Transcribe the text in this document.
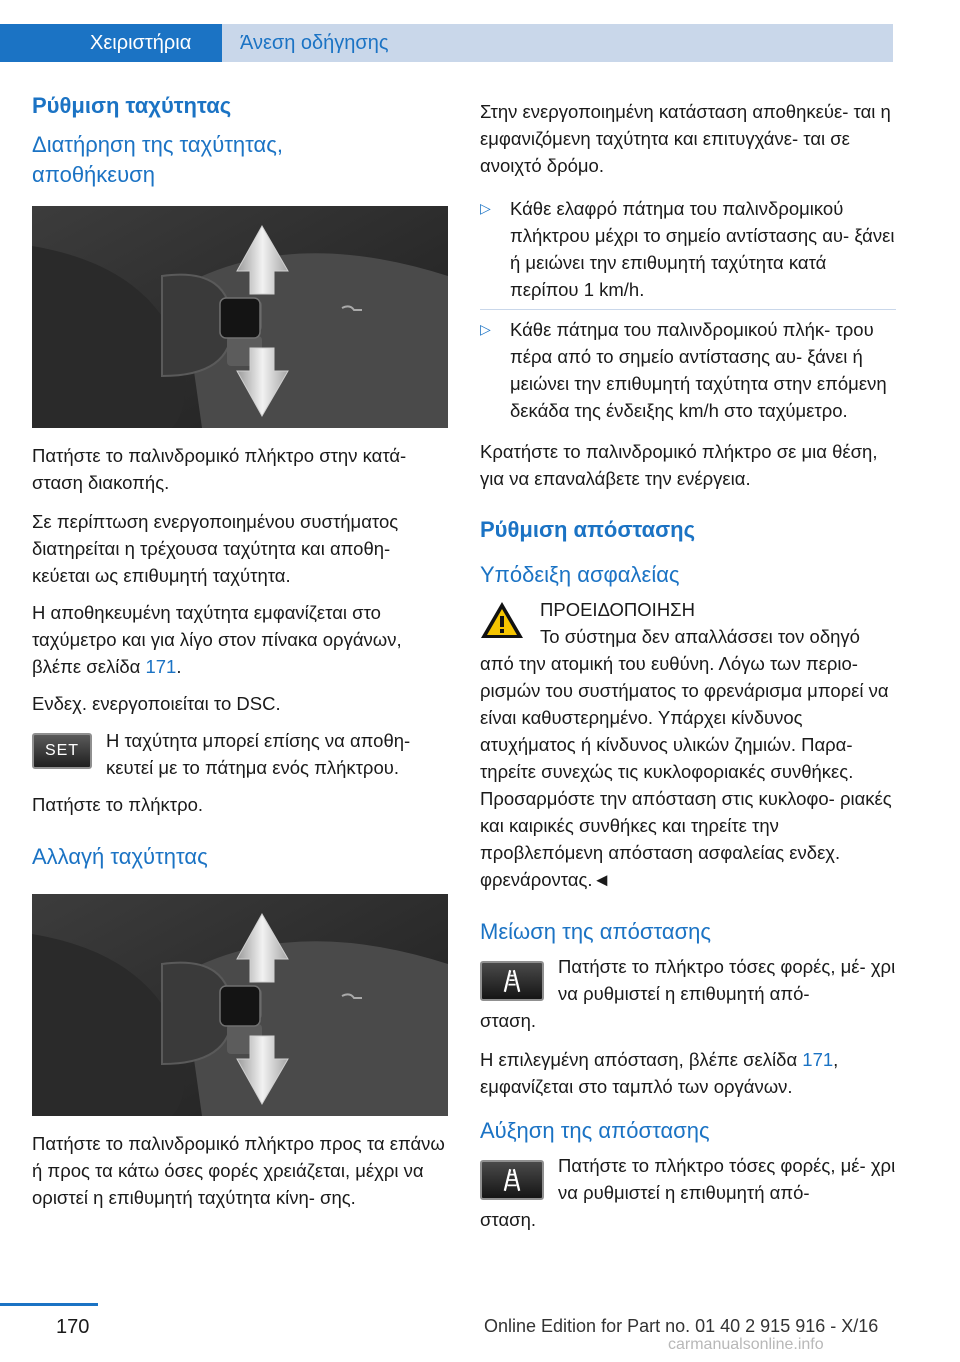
Χειριστήρια	Άνεση οδήγησης
Ρύθμιση ταχύτητας
Διατήρηση της ταχύτητας, αποθήκευση
Πατήστε το παλινδρομικό πλήκτρο στην κατά‐ σταση διακοπής.
Σε περίπτωση ενεργοποιημένου συστήματος διατηρείται η τρέχουσα ταχύτητα και αποθη‐ κεύεται ως επιθυμητή ταχύτητα.
Η αποθηκευμένη ταχύτητα εμφανίζεται στο ταχύμετρο και για λίγο στον πίνακα οργάνων, βλέπε σελίδα 171.
Ενδεχ. ενεργοποιείται το DSC.
SET	Η ταχύτητα μπορεί επίσης να αποθη‐ κευτεί με το πάτημα ενός πλήκτρου.
Πατήστε το πλήκτρο.
Αλλαγή ταχύτητας
Πατήστε το παλινδρομικό πλήκτρο προς τα επάνω ή προς τα κάτω όσες φορές χρειάζεται, μέχρι να οριστεί η επιθυμητή ταχύτητα κίνη‐ σης.
Στην ενεργοποιημένη κατάσταση αποθηκεύε‐ ται η εμφανιζόμενη ταχύτητα και επιτυγχάνε‐ ται σε ανοιχτό δρόμο.
▷	Κάθε ελαφρό πάτημα του παλινδρομικού πλήκτρου μέχρι το σημείο αντίστασης αυ‐ ξάνει ή μειώνει την επιθυμητή ταχύτητα κατά περίπου 1 km/h.
▷	Κάθε πάτημα του παλινδρομικού πλήκ‐ τρου πέρα από το σημείο αντίστασης αυ‐ ξάνει ή μειώνει την επιθυμητή ταχύτητα στην επόμενη δεκάδα της ένδειξης km/h στο ταχύμετρο.
Κρατήστε το παλινδρομικό πλήκτρο σε μια θέση, για να επαναλάβετε την ενέργεια.
Ρύθμιση απόστασης
Υπόδειξη ασφαλείας
ΠΡΟΕΙΔΟΠΟΙΗΣΗ
Το σύστημα δεν απαλλάσσει τον οδηγό
από την ατομική του ευθύνη. Λόγω των περιο‐ ρισμών του συστήματος το φρενάρισμα μπορεί να είναι καθυστερημένο. Υπάρχει κίνδυνος ατυχήματος ή κίνδυνος υλικών ζημιών. Παρα‐ τηρείτε συνεχώς τις κυκλοφοριακές συνθήκες. Προσαρμόστε την απόσταση στις κυκλοφο‐ ριακές και καιρικές συνθήκες και τηρείτε την προβλεπόμενη απόσταση ασφαλείας ενδεχ. φρενάροντας.◄
Μείωση της απόστασης
Πατήστε το πλήκτρο τόσες φορές, μέ‐ χρι να ρυθμιστεί η επιθυμητή από‐
σταση.
Η επιλεγμένη απόσταση, βλέπε σελίδα 171, εμφανίζεται στο ταμπλό των οργάνων.
Αύξηση της απόστασης
Πατήστε το πλήκτρο τόσες φορές, μέ‐ χρι να ρυθμιστεί η επιθυμητή από‐
σταση.
170	Online Edition for Part no. 01 40 2 915 916 - X/16
carmanualsonline.info
